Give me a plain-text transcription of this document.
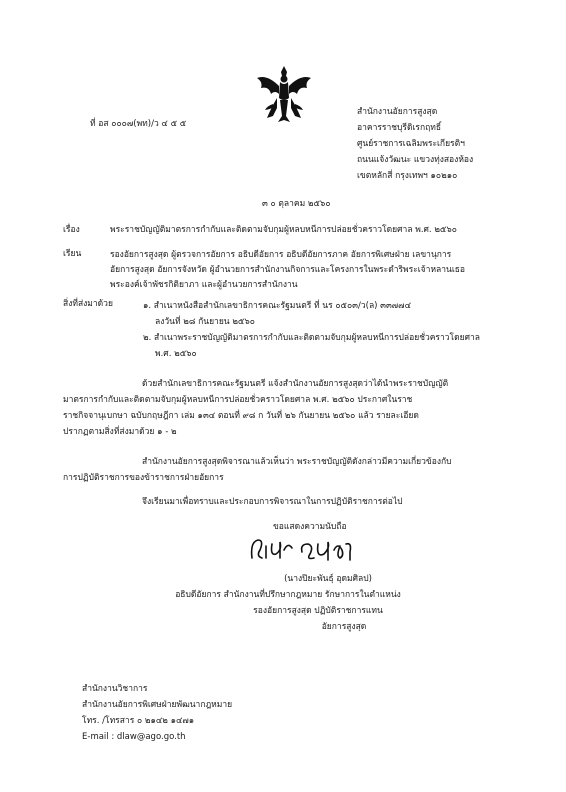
ที่ อส ๐๐๐๗(พท)/ว ๔ ๕ ๕
สำนักงานอัยการสูงสุด
อาคารราชบุรีดิเรกฤทธิ์
ศูนย์ราชการเฉลิมพระเกียรติฯ
ถนนแจ้งวัฒนะ แขวงทุ่งสองห้อง
เขตหลักสี่ กรุงเทพฯ ๑๐๒๑๐
๓ ๐ ตุลาคม ๒๕๖๐
เรื่อง	พระราชบัญญัติมาตรการกำกับและติดตามจับกุมผู้หลบหนีการปล่อยชั่วคราวโดยศาล พ.ศ. ๒๕๖๐
เรียน	รองอัยการสูงสุด ผู้ตรวจการอัยการ อธิบดีอัยการ อธิบดีอัยการภาค อัยการพิเศษฝ่าย เลขานุการ
อัยการสูงสุด อัยการจังหวัด ผู้อำนวยการสำนักงานกิจการและโครงการในพระดำริพระเจ้าหลานเธอ
พระองค์เจ้าพัชรกิติยาภา และผู้อำนวยการสำนักงาน
สิ่งที่ส่งมาด้วย	๑. สำเนาหนังสือสำนักเลขาธิการคณะรัฐมนตรี ที่ นร ๐๕๐๓/ว(ล) ๓๓๗๗๔
ลงวันที่ ๒๘ กันยายน ๒๕๖๐
๒. สำเนาพระราชบัญญัติมาตรการกำกับและติดตามจับกุมผู้หลบหนีการปล่อยชั่วคราวโดยศาล
พ.ศ. ๒๕๖๐
ด้วยสำนักเลขาธิการคณะรัฐมนตรี แจ้งสำนักงานอัยการสูงสุดว่าได้นำพระราชบัญญัติ
มาตรการกำกับและติดตามจับกุมผู้หลบหนีการปล่อยชั่วคราวโดยศาล พ.ศ. ๒๕๖๐ ประกาศในราช
ราชกิจจานุเบกษา ฉบับกฤษฎีกา เล่ม ๑๓๔ ตอนที่ ๙๘ ก วันที่ ๒๖ กันยายน ๒๕๖๐ แล้ว รายละเอียด
ปรากฏตามสิ่งที่ส่งมาด้วย ๑ - ๒
สำนักงานอัยการสูงสุดพิจารณาแล้วเห็นว่า พระราชบัญญัติดังกล่าวมีความเกี่ยวข้องกับ
การปฏิบัติราชการของข้าราชการฝ่ายอัยการ
จึงเรียนมาเพื่อทราบและประกอบการพิจารณาในการปฏิบัติราชการต่อไป
ขอแสดงความนับถือ
(นางปิยะพันธุ์ อุดมศิลป)
อธิบดีอัยการ สำนักงานที่ปรึกษากฎหมาย รักษาการในตำแหน่ง
รองอัยการสูงสุด ปฏิบัติราชการแทน
อัยการสูงสุด
สำนักงานวิชาการ
สำนักงานอัยการพิเศษฝ่ายพัฒนากฎหมาย
โทร. /โทรสาร ๐ ๒๑๔๒ ๑๔๗๑
E-mail : dlaw@ago.go.th
